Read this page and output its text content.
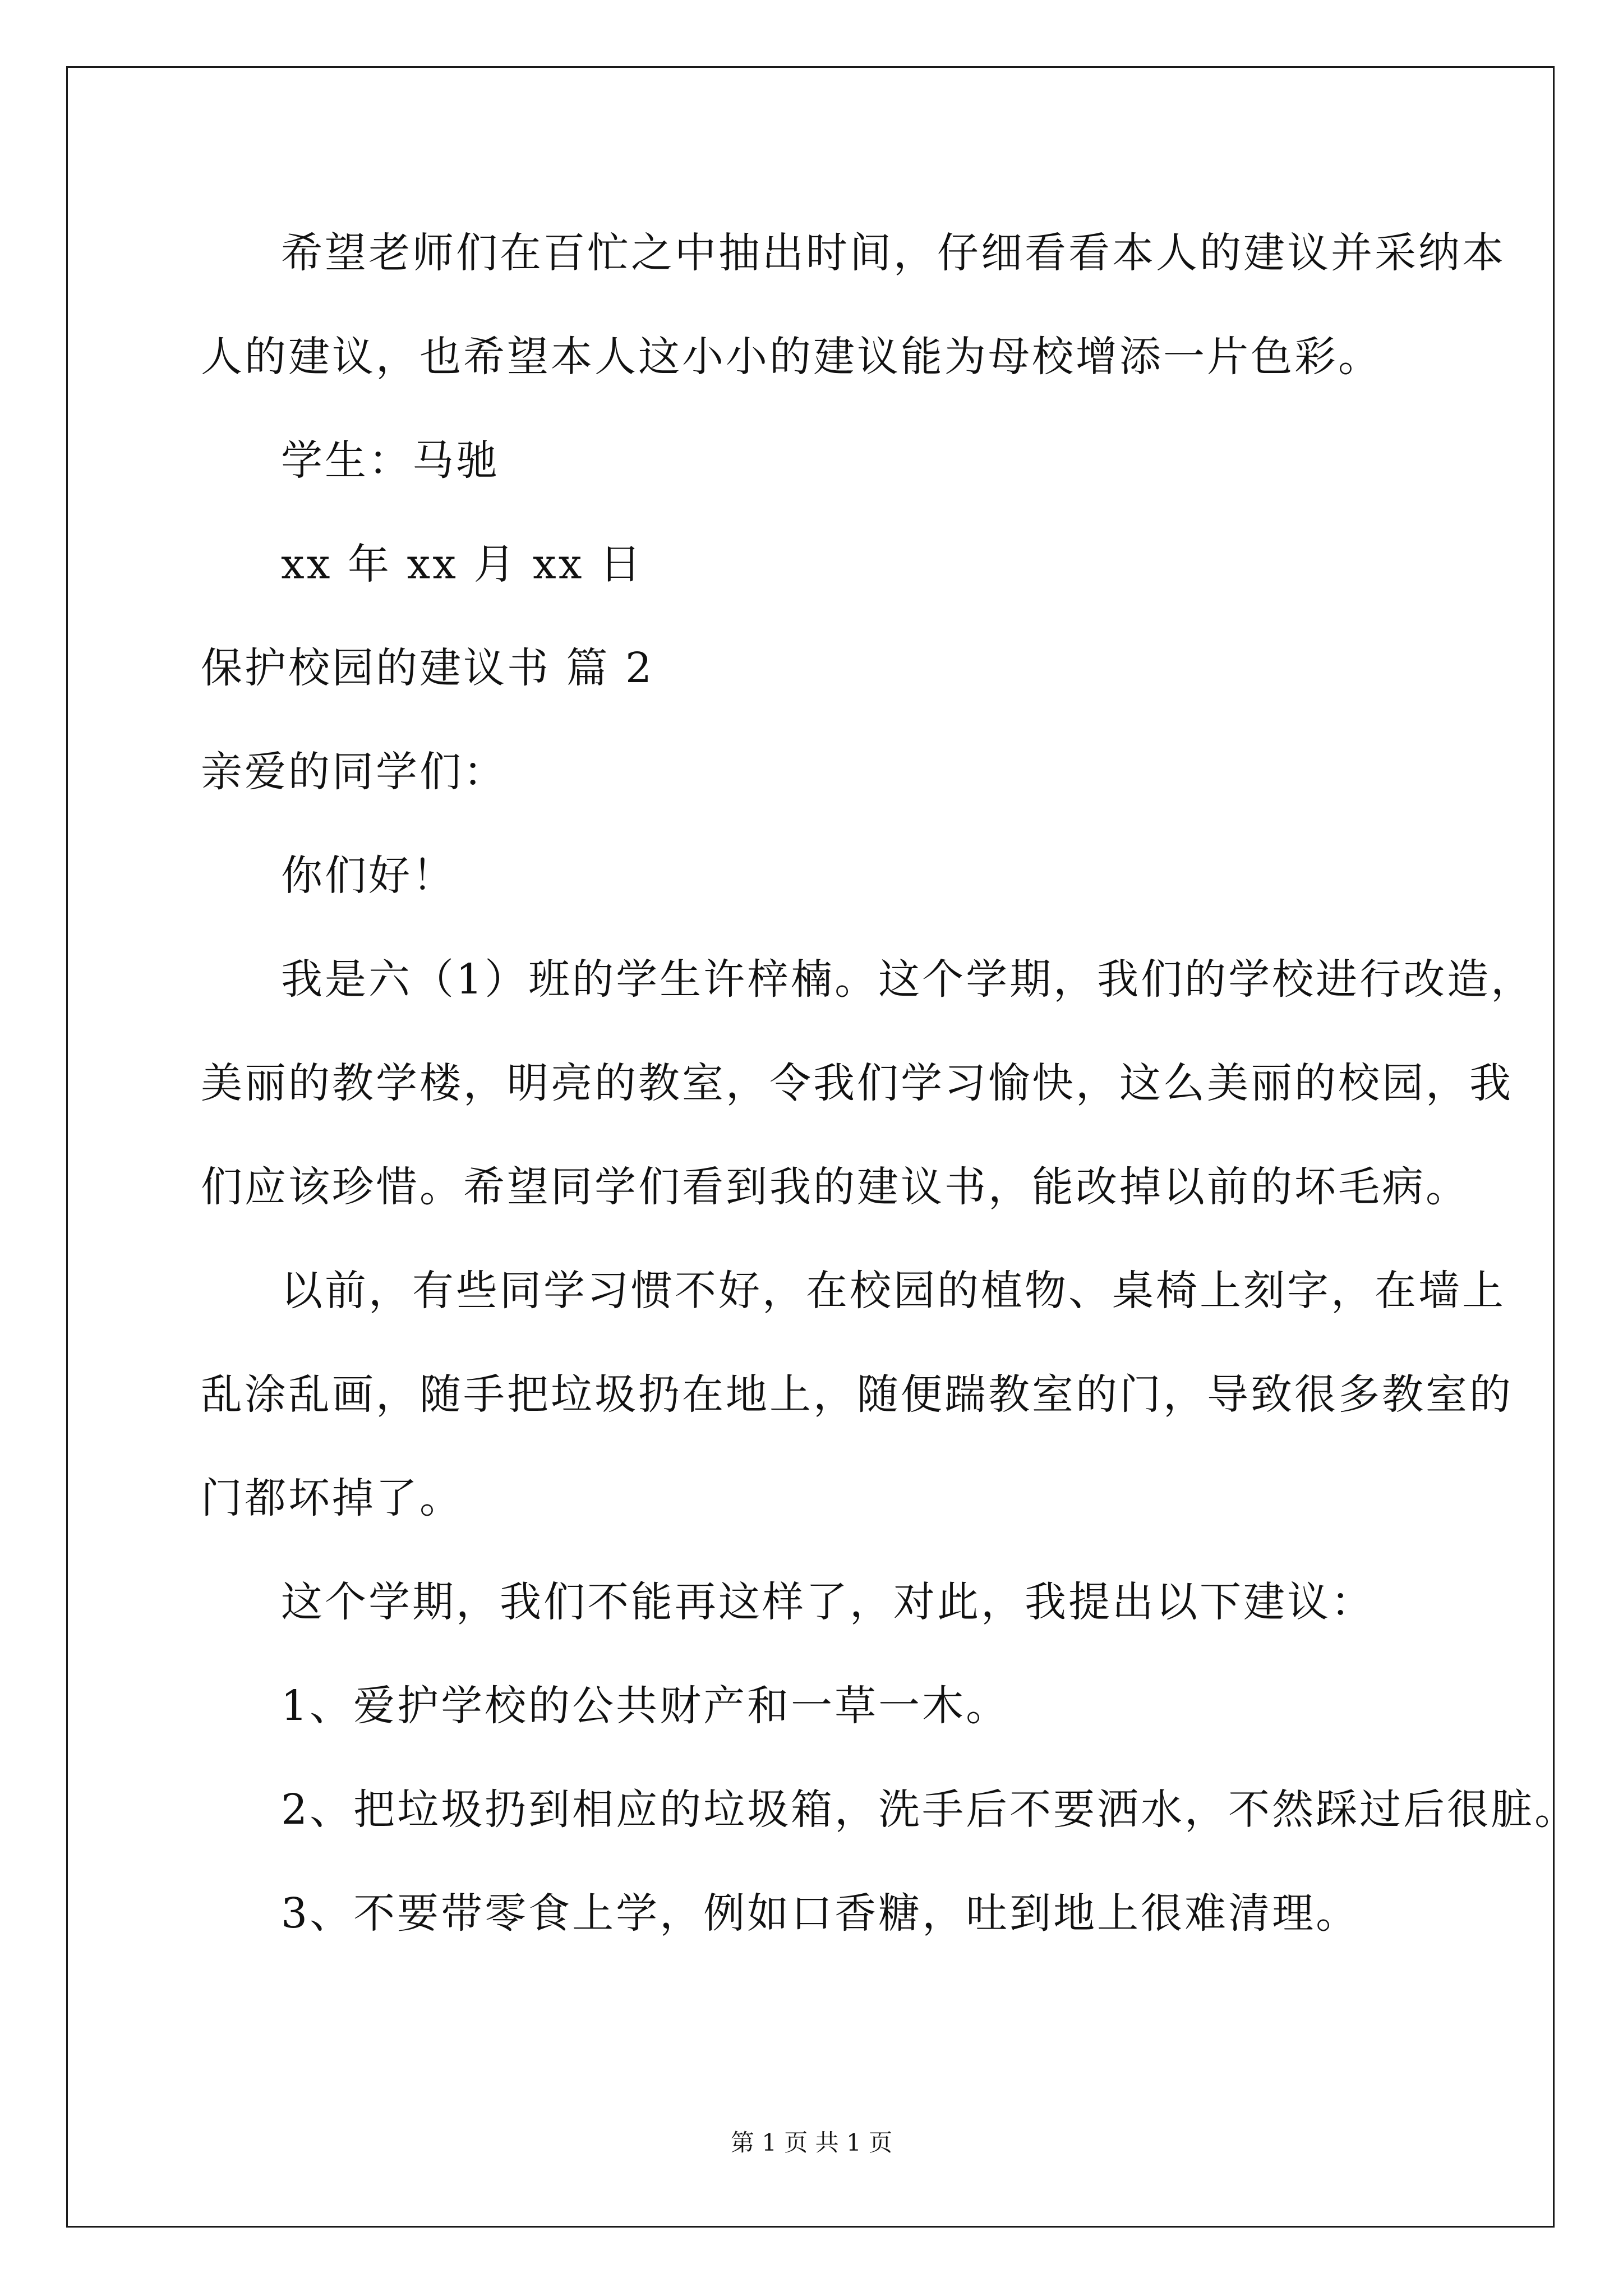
希望老师们在百忙之中抽出时间，仔细看看本人的建议并采纳本
人的建议，也希望本人这小小的建议能为母校增添一片色彩。
学生：马驰
xx 年 xx 月 xx 日
保护校园的建议书 篇 2
亲爱的同学们：
你们好！
我是六（1）班的学生许梓楠。这个学期，我们的学校进行改造，
美丽的教学楼，明亮的教室，令我们学习愉快，这么美丽的校园，我
们应该珍惜。希望同学们看到我的建议书，能改掉以前的坏毛病。
以前，有些同学习惯不好，在校园的植物、桌椅上刻字，在墙上
乱涂乱画，随手把垃圾扔在地上，随便踹教室的门，导致很多教室的
门都坏掉了。
这个学期，我们不能再这样了，对此，我提出以下建议：
1、爱护学校的公共财产和一草一木。
2、把垃圾扔到相应的垃圾箱，洗手后不要洒水，不然踩过后很脏。
3、不要带零食上学，例如口香糖，吐到地上很难清理。
第 1 页 共 1 页
